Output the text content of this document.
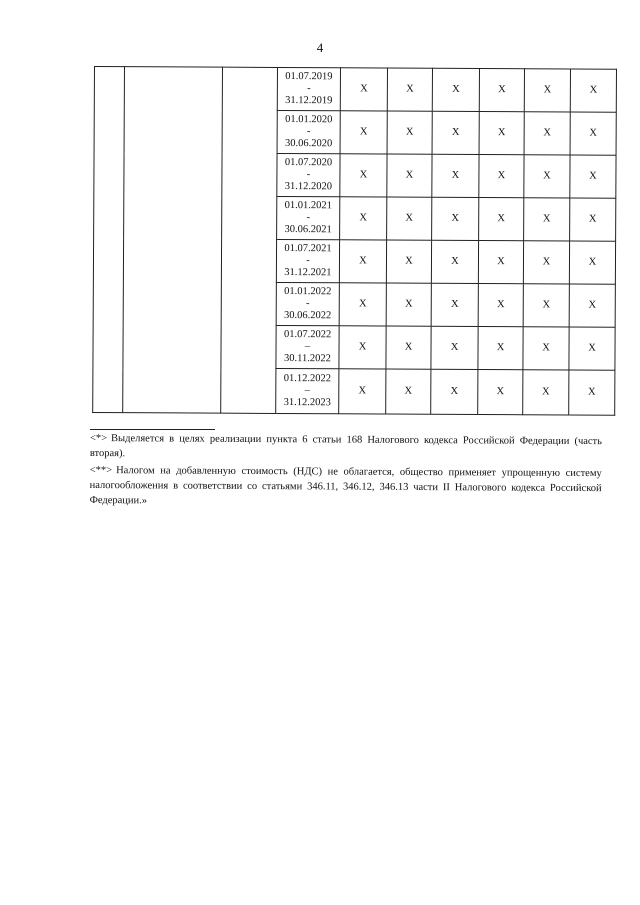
4

			01.07.2019
-
31.12.2019	X	X	X	X	X	X

			01.01.2020
-
30.06.2020	X	X	X	X	X	X

			01.07.2020
-
31.12.2020	X	X	X	X	X	X

			01.01.2021
-
30.06.2021	X	X	X	X	X	X

			01.07.2021
-
31.12.2021	X	X	X	X	X	X

			01.01.2022
-
30.06.2022	X	X	X	X	X	X

			01.07.2022
–
30.11.2022	X	X	X	X	X	X

			01.12.2022
–
31.12.2023	X	X	X	X	X	X

<*> Выделяется в целях реализации пункта 6 статьи 168 Налогового кодекса Российской Федерации (часть вторая).

<**> Налогом на добавленную стоимость (НДС) не облагается, общество применяет упрощенную систему налогообложения в соответствии со статьями 346.11, 346.12, 346.13 части II Налогового кодекса Российской Федерации.»
